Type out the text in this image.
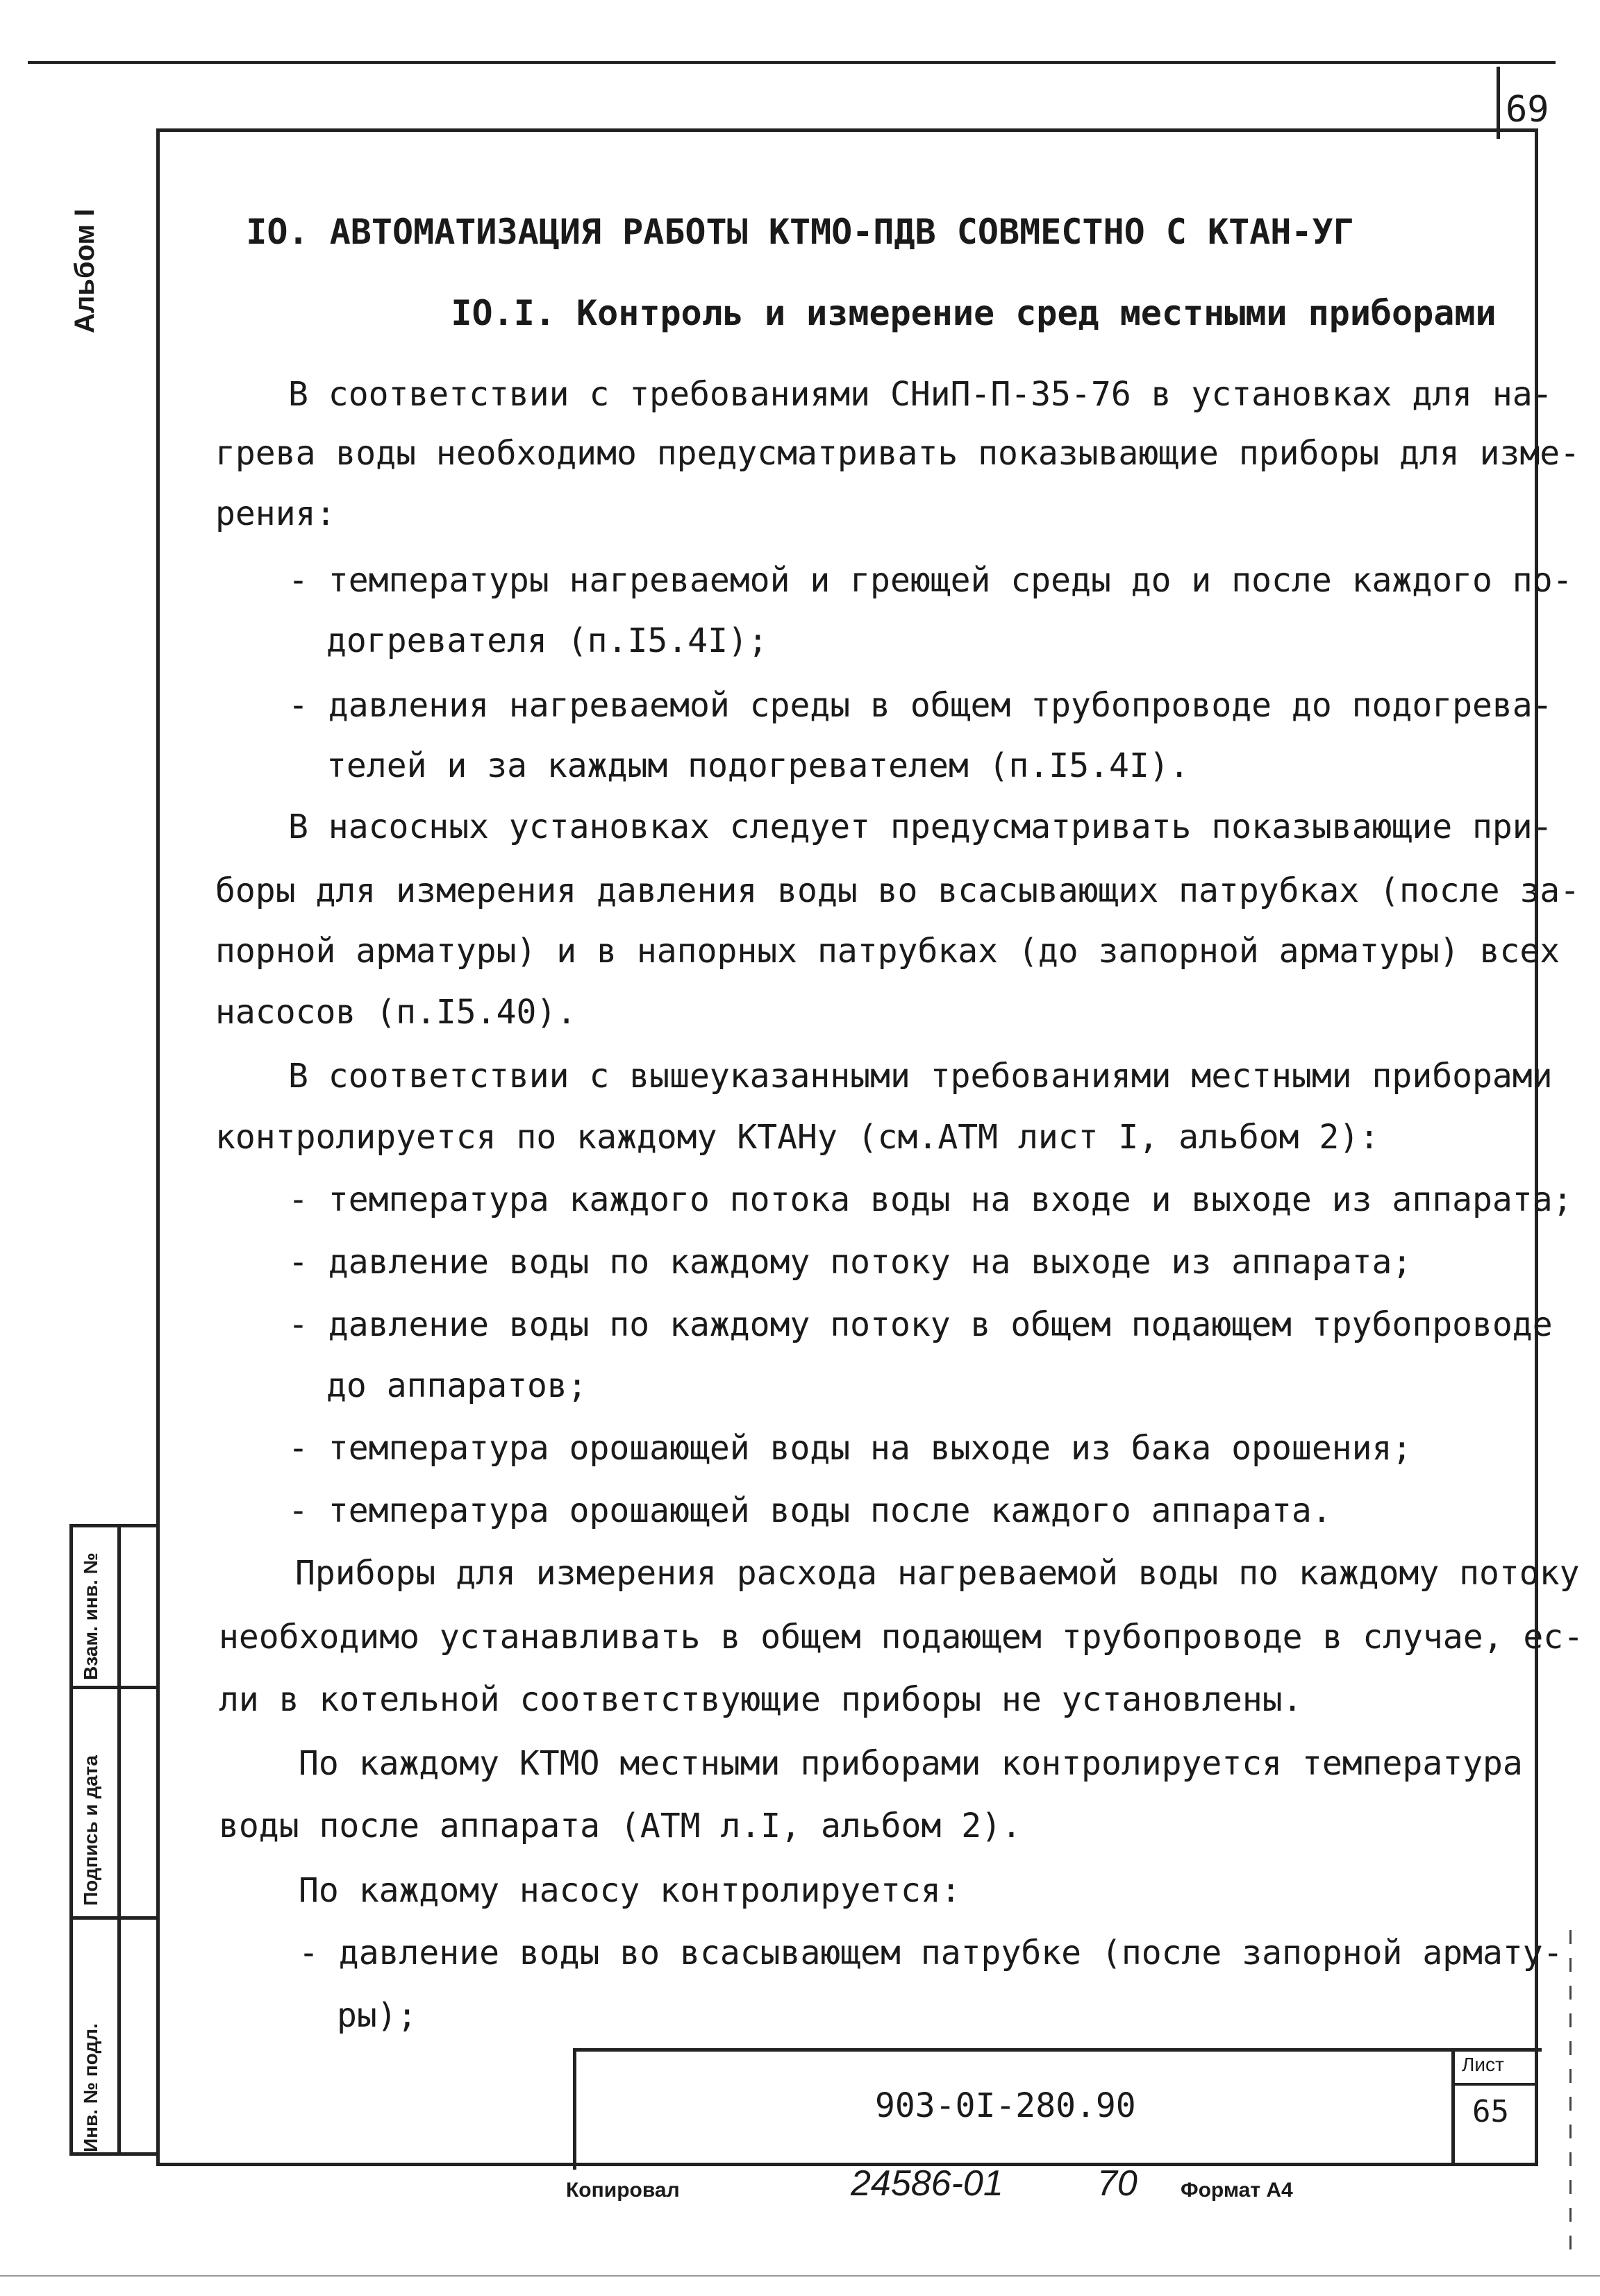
69
Альбом I
Взам. инв. №
Подпись и дата
Инв. № подл.
IO. АВТОМАТИЗАЦИЯ РАБОТЫ КТМО-ПДВ СОВМЕСТНО С КТАН-УГ
IO.I. Контроль и измерение сред местными приборами
В соответствии с требованиями СНиП-П-35-76 в установках для на-
грева воды необходимо предусматривать показывающие приборы для изме-
рения:
- температуры нагреваемой и греющей среды до и после каждого по-
догревателя (п.I5.4I);
- давления нагреваемой среды в общем трубопроводе до подогрева-
телей и за каждым подогревателем (п.I5.4I).
В насосных установках следует предусматривать показывающие при-
боры для измерения давления воды во всасывающих патрубках (после за-
порной арматуры) и в напорных патрубках (до запорной арматуры) всех
насосов (п.I5.40).
В соответствии с вышеуказанными требованиями местными приборами
контролируется по каждому КТАНу (см.АТМ лист I, альбом 2):
- температура каждого потока воды на входе и выходе из аппарата;
- давление воды по каждому потоку на выходе из аппарата;
- давление воды по каждому потоку в общем подающем трубопроводе
до аппаратов;
- температура орошающей воды на выходе из бака орошения;
- температура орошающей воды после каждого аппарата.
Приборы для измерения расхода нагреваемой воды по каждому потоку
необходимо устанавливать в общем подающем трубопроводе в случае, ес-
ли в котельной соответствующие приборы не установлены.
По каждому КТМО местными приборами контролируется температура
воды после аппарата (АТМ л.I, альбом 2).
По каждому насосу контролируется:
- давление воды во всасывающем патрубке (после запорной армату-
ры);
903-0I-280.90
Лист
65
Копировал	24586-01	70 Формат А4
